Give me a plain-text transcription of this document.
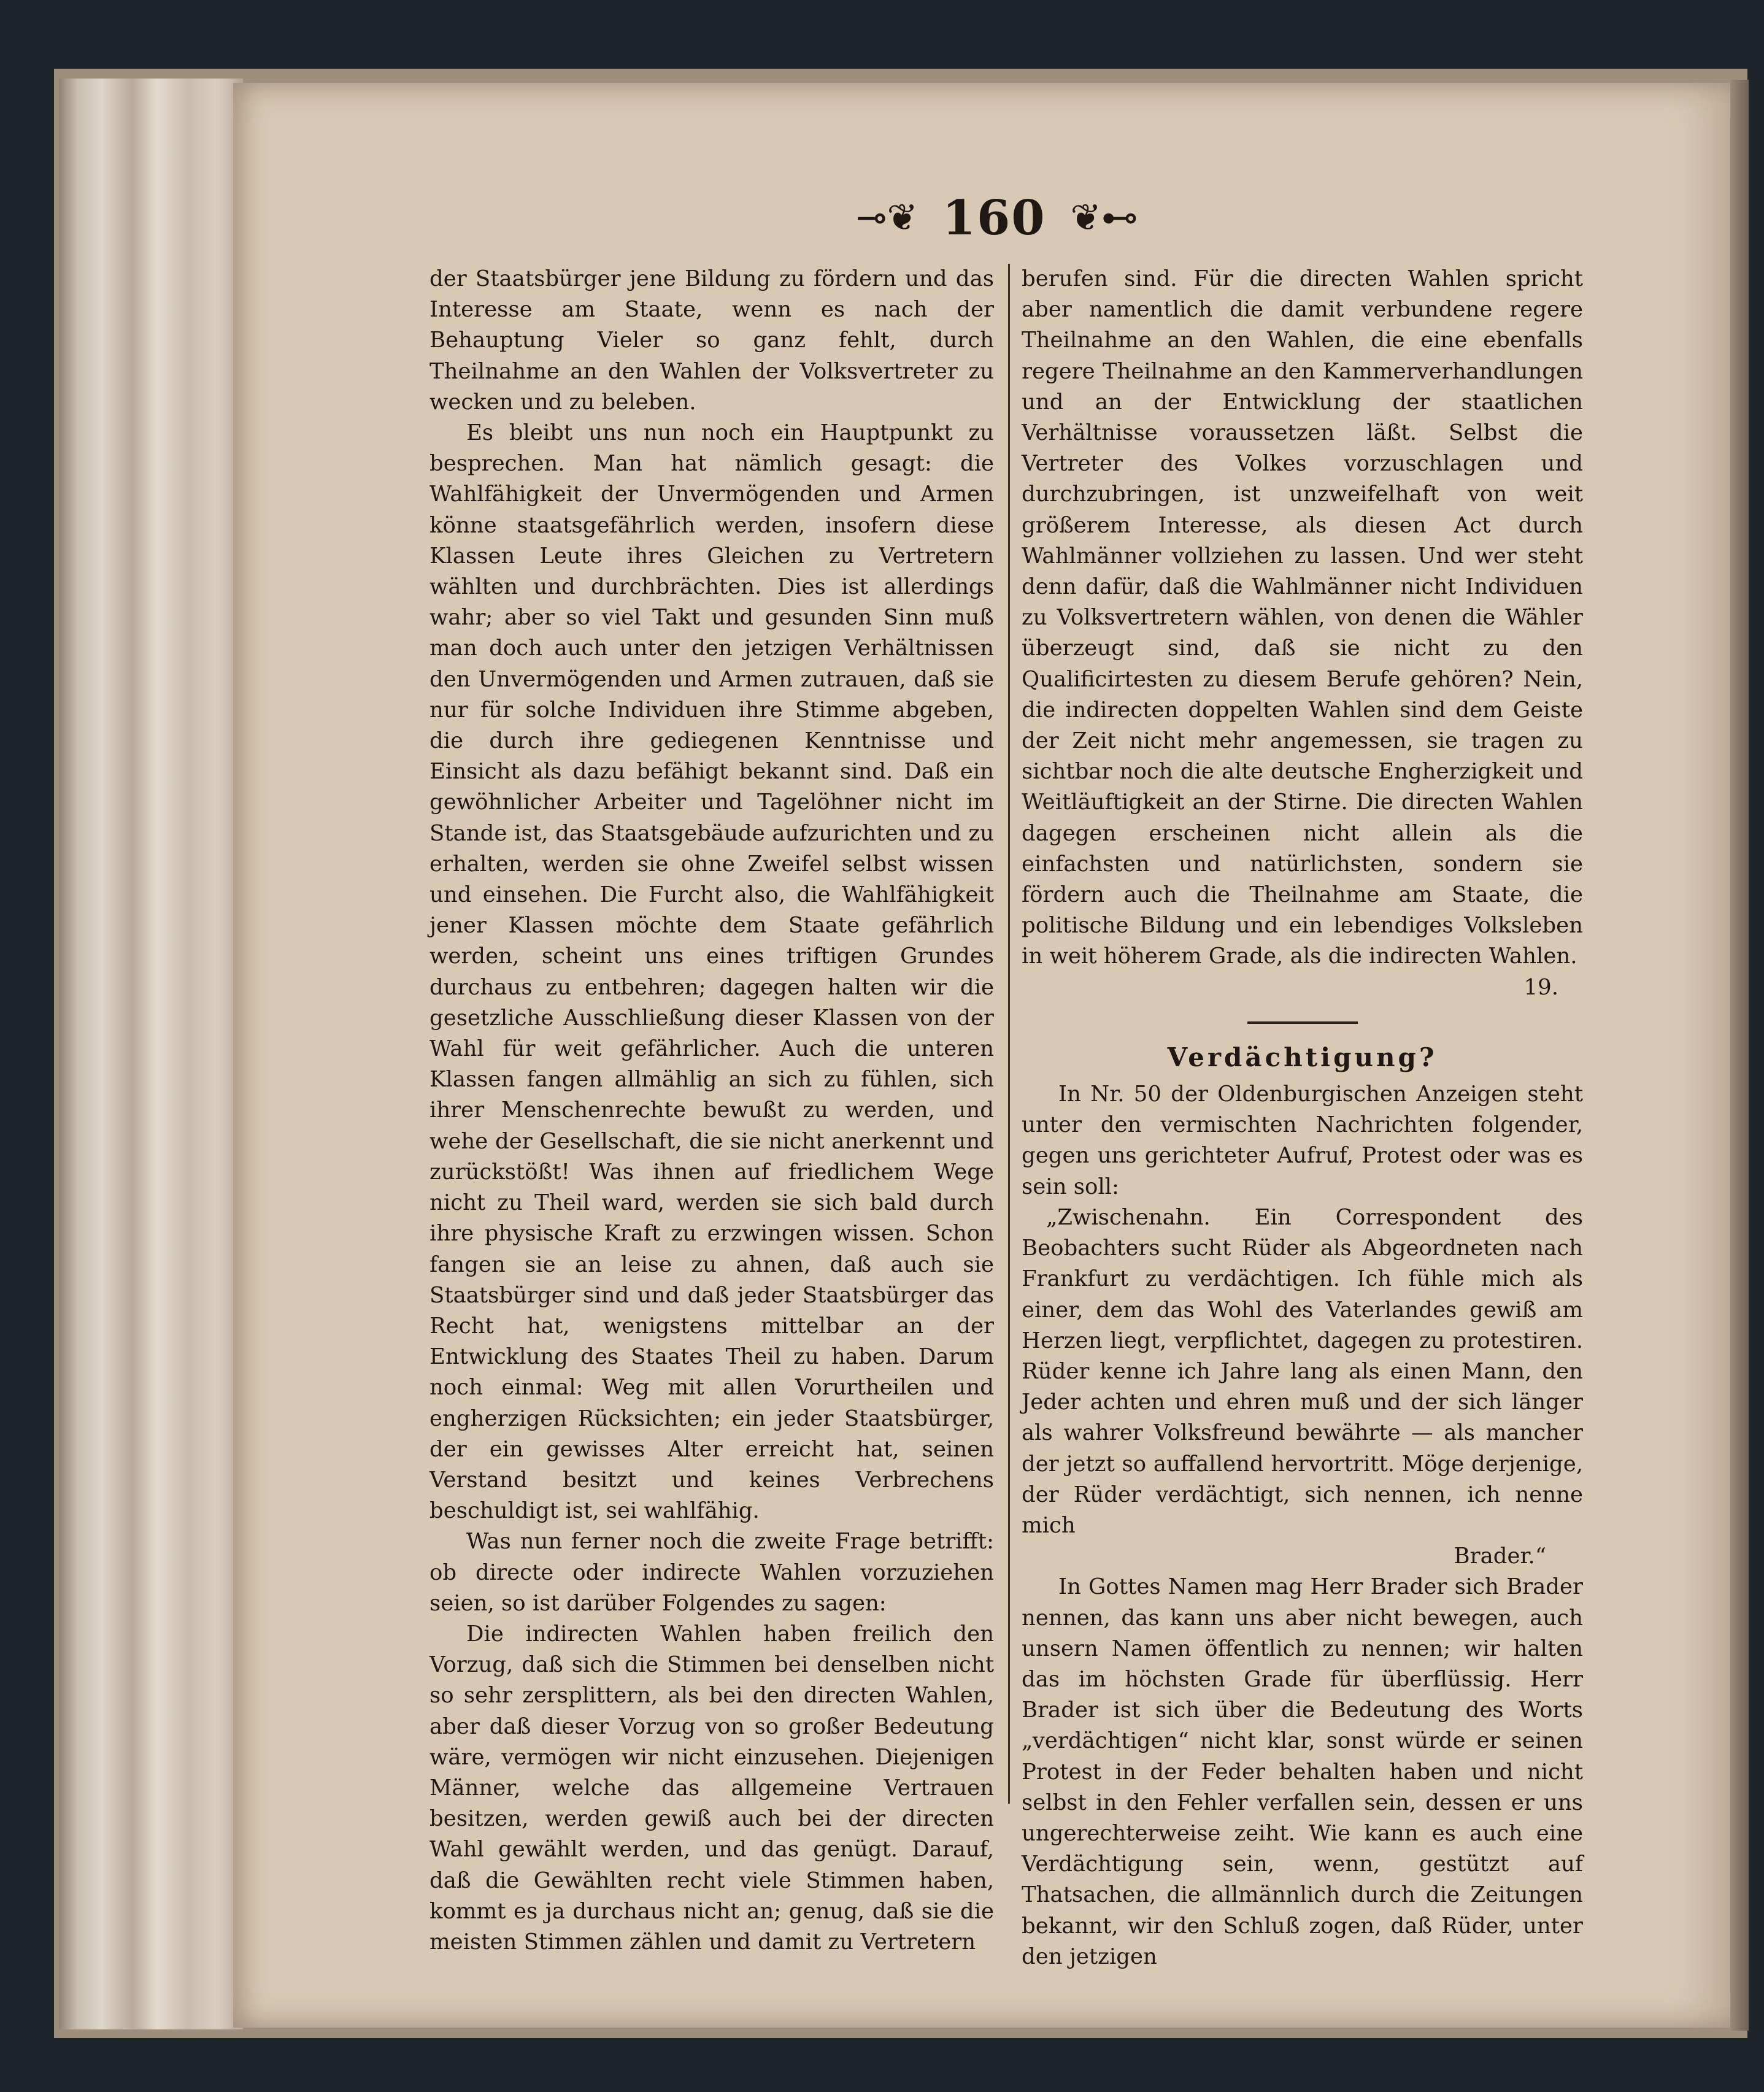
⊸❦ 160 ❦⊷

der Staatsbürger jene Bildung zu fördern und das Interesse am Staate, wenn es nach der Behauptung Vieler so ganz fehlt, durch Theilnahme an den Wahlen der Volksvertreter zu wecken und zu beleben.

Es bleibt uns nun noch ein Hauptpunkt zu besprechen. Man hat nämlich gesagt: die Wahlfähigkeit der Unvermögenden und Armen könne staatsgefährlich werden, insofern diese Klassen Leute ihres Gleichen zu Vertretern wählten und durchbrächten. Dies ist allerdings wahr; aber so viel Takt und gesunden Sinn muß man doch auch unter den jetzigen Verhältnissen den Unvermögenden und Armen zutrauen, daß sie nur für solche Individuen ihre Stimme abgeben, die durch ihre gediegenen Kenntnisse und Einsicht als dazu befähigt bekannt sind. Daß ein gewöhnlicher Arbeiter und Tagelöhner nicht im Stande ist, das Staatsgebäude aufzurichten und zu erhalten, werden sie ohne Zweifel selbst wissen und einsehen. Die Furcht also, die Wahlfähigkeit jener Klassen möchte dem Staate gefährlich werden, scheint uns eines triftigen Grundes durchaus zu entbehren; dagegen halten wir die gesetzliche Ausschließung dieser Klassen von der Wahl für weit gefährlicher. Auch die unteren Klassen fangen allmählig an sich zu fühlen, sich ihrer Menschenrechte bewußt zu werden, und wehe der Gesellschaft, die sie nicht anerkennt und zurückstößt! Was ihnen auf friedlichem Wege nicht zu Theil ward, werden sie sich bald durch ihre physische Kraft zu erzwingen wissen. Schon fangen sie an leise zu ahnen, daß auch sie Staatsbürger sind und daß jeder Staatsbürger das Recht hat, wenigstens mittelbar an der Entwicklung des Staates Theil zu haben. Darum noch einmal: Weg mit allen Vorurtheilen und engherzigen Rücksichten; ein jeder Staatsbürger, der ein gewisses Alter erreicht hat, seinen Verstand besitzt und keines Verbrechens beschuldigt ist, sei wahlfähig.

Was nun ferner noch die zweite Frage betrifft: ob directe oder indirecte Wahlen vorzuziehen seien, so ist darüber Folgendes zu sagen:

Die indirecten Wahlen haben freilich den Vorzug, daß sich die Stimmen bei denselben nicht so sehr zersplittern, als bei den directen Wahlen, aber daß dieser Vorzug von so großer Bedeutung wäre, vermögen wir nicht einzusehen. Diejenigen Männer, welche das allgemeine Vertrauen besitzen, werden gewiß auch bei der directen Wahl gewählt werden, und das genügt. Darauf, daß die Gewählten recht viele Stimmen haben, kommt es ja durchaus nicht an; genug, daß sie die meisten Stimmen zählen und damit zu Vertretern

berufen sind. Für die directen Wahlen spricht aber namentlich die damit verbundene regere Theilnahme an den Wahlen, die eine ebenfalls regere Theilnahme an den Kammerverhandlungen und an der Entwicklung der staatlichen Verhältnisse voraussetzen läßt. Selbst die Vertreter des Volkes vorzuschlagen und durchzubringen, ist unzweifelhaft von weit größerem Interesse, als diesen Act durch Wahlmänner vollziehen zu lassen. Und wer steht denn dafür, daß die Wahlmänner nicht Individuen zu Volksvertretern wählen, von denen die Wähler überzeugt sind, daß sie nicht zu den Qualificirtesten zu diesem Berufe gehören? Nein, die indirecten doppelten Wahlen sind dem Geiste der Zeit nicht mehr angemessen, sie tragen zu sichtbar noch die alte deutsche Engherzigkeit und Weitläuftigkeit an der Stirne. Die directen Wahlen dagegen erscheinen nicht allein als die einfachsten und natürlichsten, sondern sie fördern auch die Theilnahme am Staate, die politische Bildung und ein lebendiges Volksleben in weit höherem Grade, als die indirecten Wahlen.

19.
Verdächtigung?

In Nr. 50 der Oldenburgischen Anzeigen steht unter den vermischten Nachrichten folgender, gegen uns gerichteter Aufruf, Protest oder was es sein soll:

„Zwischenahn. Ein Correspondent des Beobachters sucht Rüder als Abgeordneten nach Frankfurt zu verdächtigen. Ich fühle mich als einer, dem das Wohl des Vaterlandes gewiß am Herzen liegt, verpflichtet, dagegen zu protestiren. Rüder kenne ich Jahre lang als einen Mann, den Jeder achten und ehren muß und der sich länger als wahrer Volksfreund bewährte — als mancher der jetzt so auffallend hervortritt. Möge derjenige, der Rüder verdächtigt, sich nennen, ich nenne mich

Brader.“

In Gottes Namen mag Herr Brader sich Brader nennen, das kann uns aber nicht bewegen, auch unsern Namen öffentlich zu nennen; wir halten das im höchsten Grade für überflüssig. Herr Brader ist sich über die Bedeutung des Worts „verdächtigen“ nicht klar, sonst würde er seinen Protest in der Feder behalten haben und nicht selbst in den Fehler verfallen sein, dessen er uns ungerechterweise zeiht. Wie kann es auch eine Verdächtigung sein, wenn, gestützt auf Thatsachen, die allmännlich durch die Zeitungen bekannt, wir den Schluß zogen, daß Rüder, unter den jetzigen
